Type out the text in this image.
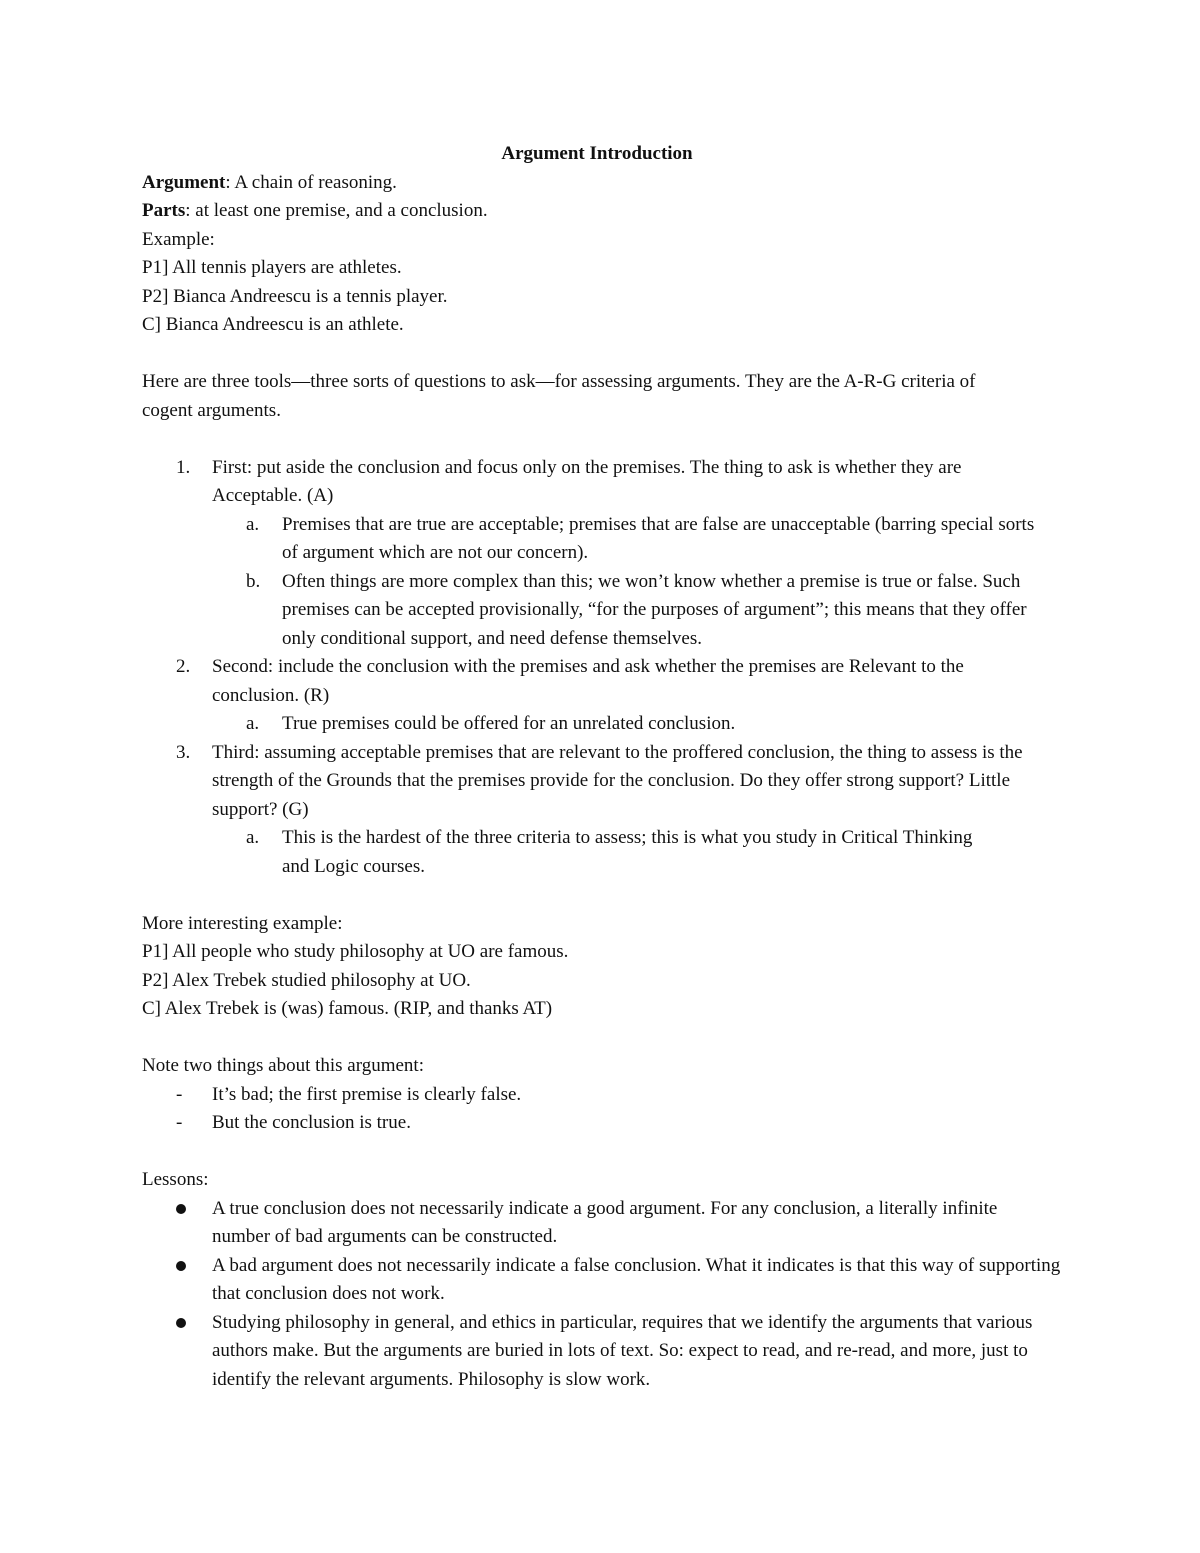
Argument Introduction
Argument: A chain of reasoning.
Parts: at least one premise, and a conclusion.
Example:
P1] All tennis players are athletes.
P2] Bianca Andreescu is a tennis player.
C] Bianca Andreescu is an athlete.
Here are three tools—three sorts of questions to ask—for assessing arguments. They are the A-R-G criteria of cogent arguments.
1. First: put aside the conclusion and focus only on the premises. The thing to ask is whether they are Acceptable. (A)
a. Premises that are true are acceptable; premises that are false are unacceptable (barring special sorts of argument which are not our concern).
b. Often things are more complex than this; we won’t know whether a premise is true or false. Such premises can be accepted provisionally, “for the purposes of argument”; this means that they offer only conditional support, and need defense themselves.
2. Second: include the conclusion with the premises and ask whether the premises are Relevant to the conclusion. (R)
a. True premises could be offered for an unrelated conclusion.
3. Third: assuming acceptable premises that are relevant to the proffered conclusion, the thing to assess is the strength of the Grounds that the premises provide for the conclusion. Do they offer strong support? Little support? (G)
a. This is the hardest of the three criteria to assess; this is what you study in Critical Thinking and Logic courses.
More interesting example:
P1] All people who study philosophy at UO are famous.
P2] Alex Trebek studied philosophy at UO.
C] Alex Trebek is (was) famous. (RIP, and thanks AT)
Note two things about this argument:
- It’s bad; the first premise is clearly false.
- But the conclusion is true.
Lessons:
A true conclusion does not necessarily indicate a good argument. For any conclusion, a literally infinite number of bad arguments can be constructed.
A bad argument does not necessarily indicate a false conclusion. What it indicates is that this way of supporting that conclusion does not work.
Studying philosophy in general, and ethics in particular, requires that we identify the arguments that various authors make. But the arguments are buried in lots of text. So: expect to read, and re-read, and more, just to identify the relevant arguments. Philosophy is slow work.
